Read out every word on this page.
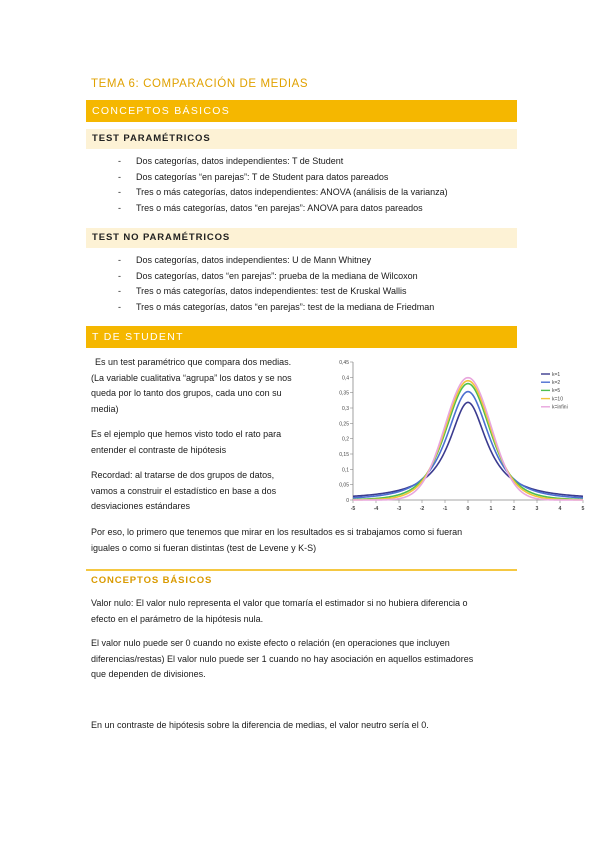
TEMA 6: COMPARACIÓN DE MEDIAS
CONCEPTOS BÁSICOS
TEST PARAMÉTRICOS
- Dos categorías, datos independientes: T de Student
- Dos categorías “en parejas”: T de Student para datos pareados
- Tres o más categorías, datos independientes: ANOVA (análisis de la varianza)
- Tres o más categorías, datos “en parejas”: ANOVA para datos pareados
TEST NO PARAMÉTRICOS
- Dos categorías, datos independientes: U de Mann Whitney
- Dos categorías, datos “en parejas”: prueba de la mediana de Wilcoxon
- Tres o más categorías, datos independientes: test de Kruskal Wallis
- Tres o más categorías, datos “en parejas”: test de la mediana de Friedman
T DE STUDENT
Es un test paramétrico que compara dos medias.
(La variable cualitativa “agrupa” los datos y se nos
queda por lo tanto dos grupos, cada uno con su
media)
Es el ejemplo que hemos visto todo el rato para
entender el contraste de hipótesis
Recordad: al tratarse de dos grupos de datos,
vamos a construir el estadístico en base a dos
desviaciones estándares
Por eso, lo primero que tenemos que mirar en los resultados es si trabajamos como si fueran
iguales o como si fueran distintas (test de Levene y K-S)
0
0,05
0,1
0,15
0,2
0,25
0,3
0,35
0,4
0,45
-5	-4	-3	-2	-1	0	1	2	3	4	5
k=1
k=2
k=5
k=10
k=infini
CONCEPTOS BÁSICOS
Valor nulo: El valor nulo representa el valor que tomaría el estimador si no hubiera diferencia o
efecto en el parámetro de la hipótesis nula.
El valor nulo puede ser 0 cuando no existe efecto o relación (en operaciones que incluyen
diferencias/restas) El valor nulo puede ser 1 cuando no hay asociación en aquellos estimadores
que dependen de divisiones.
En un contraste de hipótesis sobre la diferencia de medias, el valor neutro sería el 0.
